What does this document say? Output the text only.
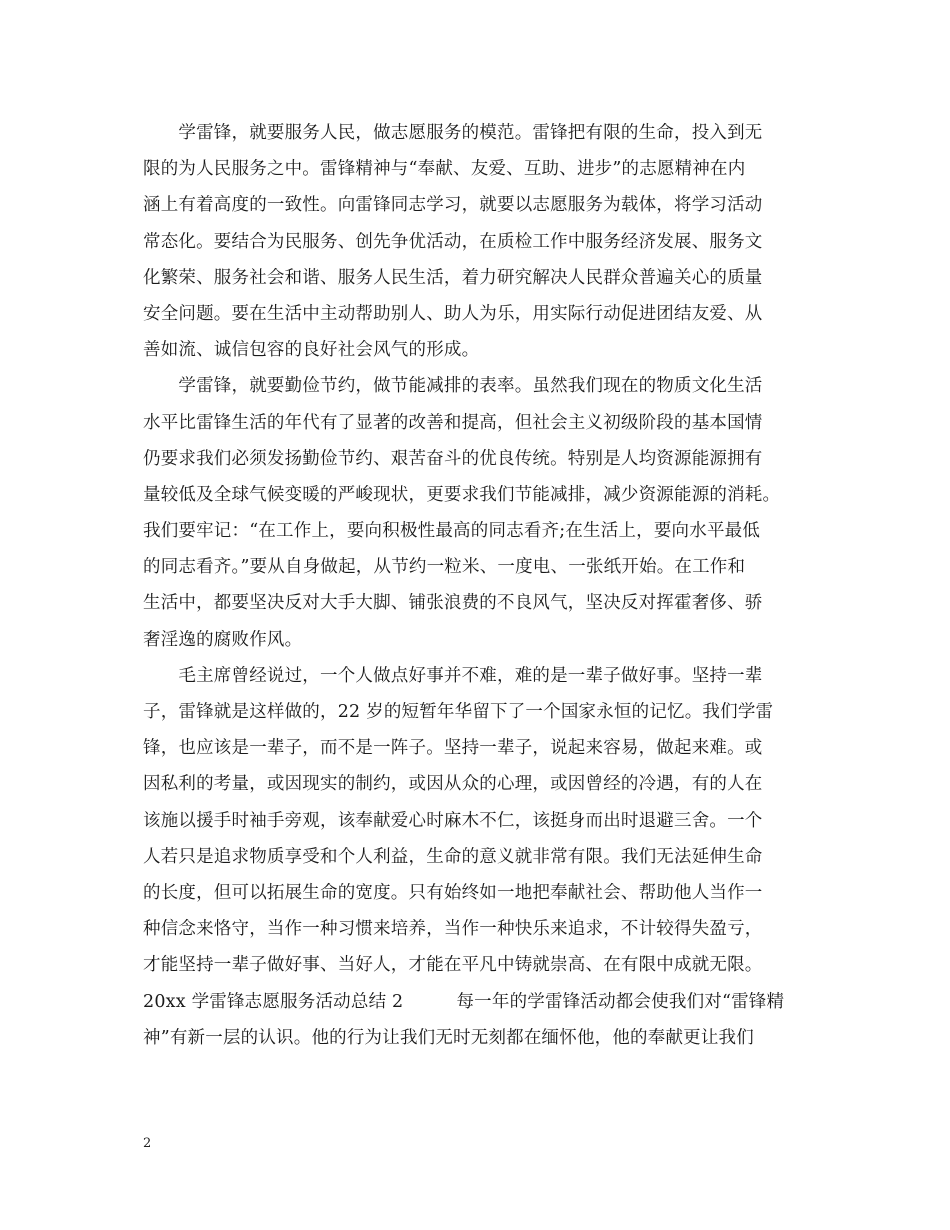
　　学雷锋，就要服务人民，做志愿服务的模范。雷锋把有限的生命，投入到无
限的为人民服务之中。雷锋精神与“奉献、友爱、互助、进步”的志愿精神在内
涵上有着高度的一致性。向雷锋同志学习，就要以志愿服务为载体，将学习活动
常态化。要结合为民服务、创先争优活动，在质检工作中服务经济发展、服务文
化繁荣、服务社会和谐、服务人民生活，着力研究解决人民群众普遍关心的质量
安全问题。要在生活中主动帮助别人、助人为乐，用实际行动促进团结友爱、从
善如流、诚信包容的良好社会风气的形成。
　　学雷锋，就要勤俭节约，做节能减排的表率。虽然我们现在的物质文化生活
水平比雷锋生活的年代有了显著的改善和提高，但社会主义初级阶段的基本国情
仍要求我们必须发扬勤俭节约、艰苦奋斗的优良传统。特别是人均资源能源拥有
量较低及全球气候变暖的严峻现状，更要求我们节能减排，减少资源能源的消耗。
我们要牢记：“在工作上，要向积极性最高的同志看齐;在生活上，要向水平最低
的同志看齐。”要从自身做起，从节约一粒米、一度电、一张纸开始。在工作和
生活中，都要坚决反对大手大脚、铺张浪费的不良风气，坚决反对挥霍奢侈、骄
奢淫逸的腐败作风。
　　毛主席曾经说过，一个人做点好事并不难，难的是一辈子做好事。坚持一辈
子，雷锋就是这样做的，22 岁的短暂年华留下了一个国家永恒的记忆。我们学雷
锋，也应该是一辈子，而不是一阵子。坚持一辈子，说起来容易，做起来难。或
因私利的考量，或因现实的制约，或因从众的心理，或因曾经的冷遇，有的人在
该施以援手时袖手旁观，该奉献爱心时麻木不仁，该挺身而出时退避三舍。一个
人若只是追求物质享受和个人利益，生命的意义就非常有限。我们无法延伸生命
的长度，但可以拓展生命的宽度。只有始终如一地把奉献社会、帮助他人当作一
种信念来恪守，当作一种习惯来培养，当作一种快乐来追求，不计较得失盈亏，
才能坚持一辈子做好事、当好人，才能在平凡中铸就崇高、在有限中成就无限。
20xx 学雷锋志愿服务活动总结 2　　　每一年的学雷锋活动都会使我们对“雷锋精
神”有新一层的认识。他的行为让我们无时无刻都在缅怀他，他的奉献更让我们
2
